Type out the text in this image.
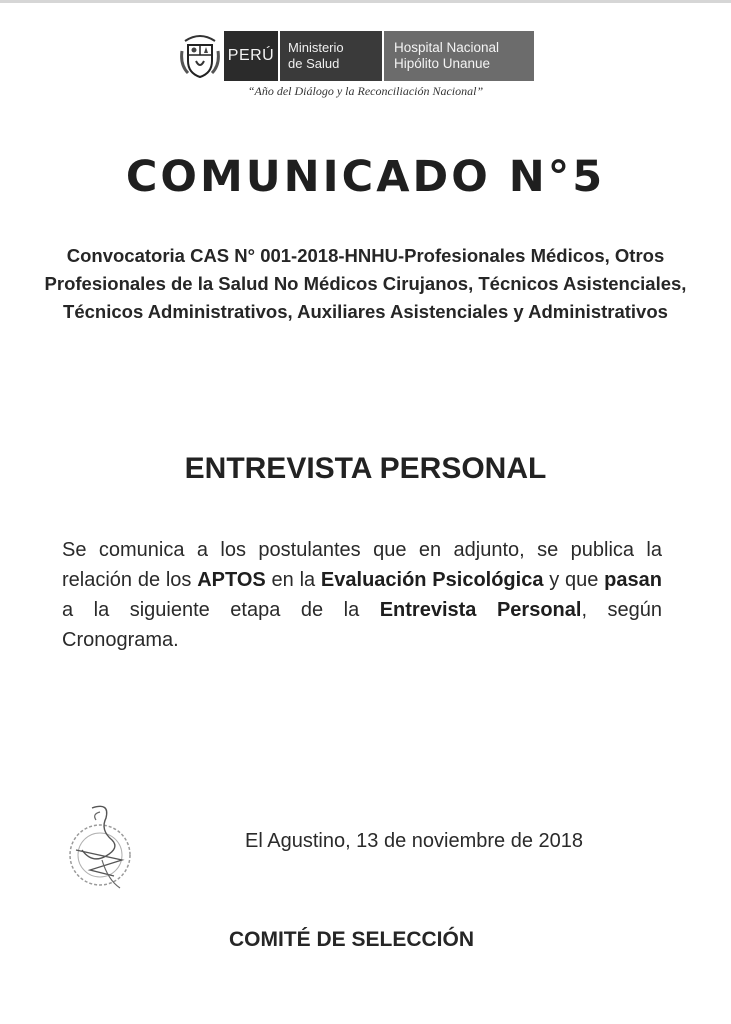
PERÚ Ministerio
de Salud
Hospital Nacional
Hipólito Unanue
“Año del Diálogo y la Reconciliación Nacional”
COMUNICADO N°5
Convocatoria CAS N° 001-2018-HNHU-Profesionales Médicos, Otros Profesionales de la Salud No Médicos Cirujanos, Técnicos Asistenciales, Técnicos Administrativos, Auxiliares Asistenciales y Administrativos
ENTREVISTA PERSONAL
Se comunica a los postulantes que en adjunto, se publica la relación de los APTOS en la Evaluación Psicológica y que pasan a la siguiente etapa de la Entrevista Personal, según Cronograma.
El Agustino, 13 de noviembre de 2018
COMITÉ DE SELECCIÓN
